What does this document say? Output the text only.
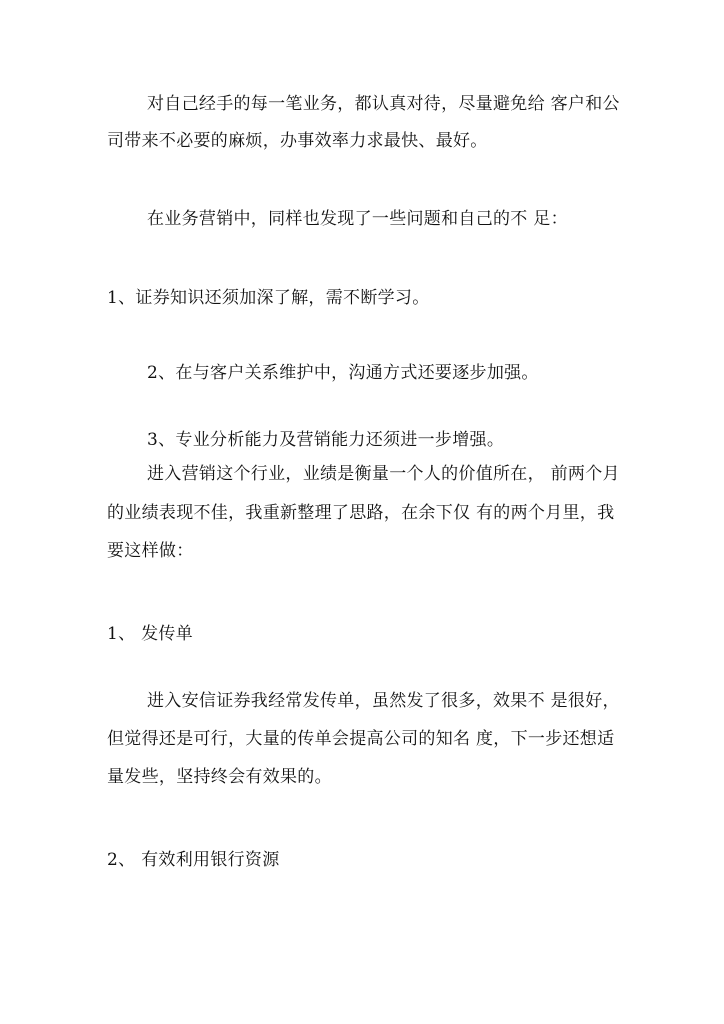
对自己经手的每一笔业务，都认真对待，尽量避免给 客户和公
司带来不必要的麻烦，办事效率力求最快、最好。
在业务营销中，同样也发现了一些问题和自己的不 足：
1、证券知识还须加深了解，需不断学习。
2、在与客户关系维护中，沟通方式还要逐步加强。
3、专业分析能力及营销能力还须进一步增强。
进入营销这个行业，业绩是衡量一个人的价值所在， 前两个月
的业绩表现不佳，我重新整理了思路，在余下仅 有的两个月里，我
要这样做：
1、 发传单
进入安信证券我经常发传单，虽然发了很多，效果不 是很好，
但觉得还是可行，大量的传单会提高公司的知名 度，下一步还想适
量发些，坚持终会有效果的。
2、 有效利用银行资源
